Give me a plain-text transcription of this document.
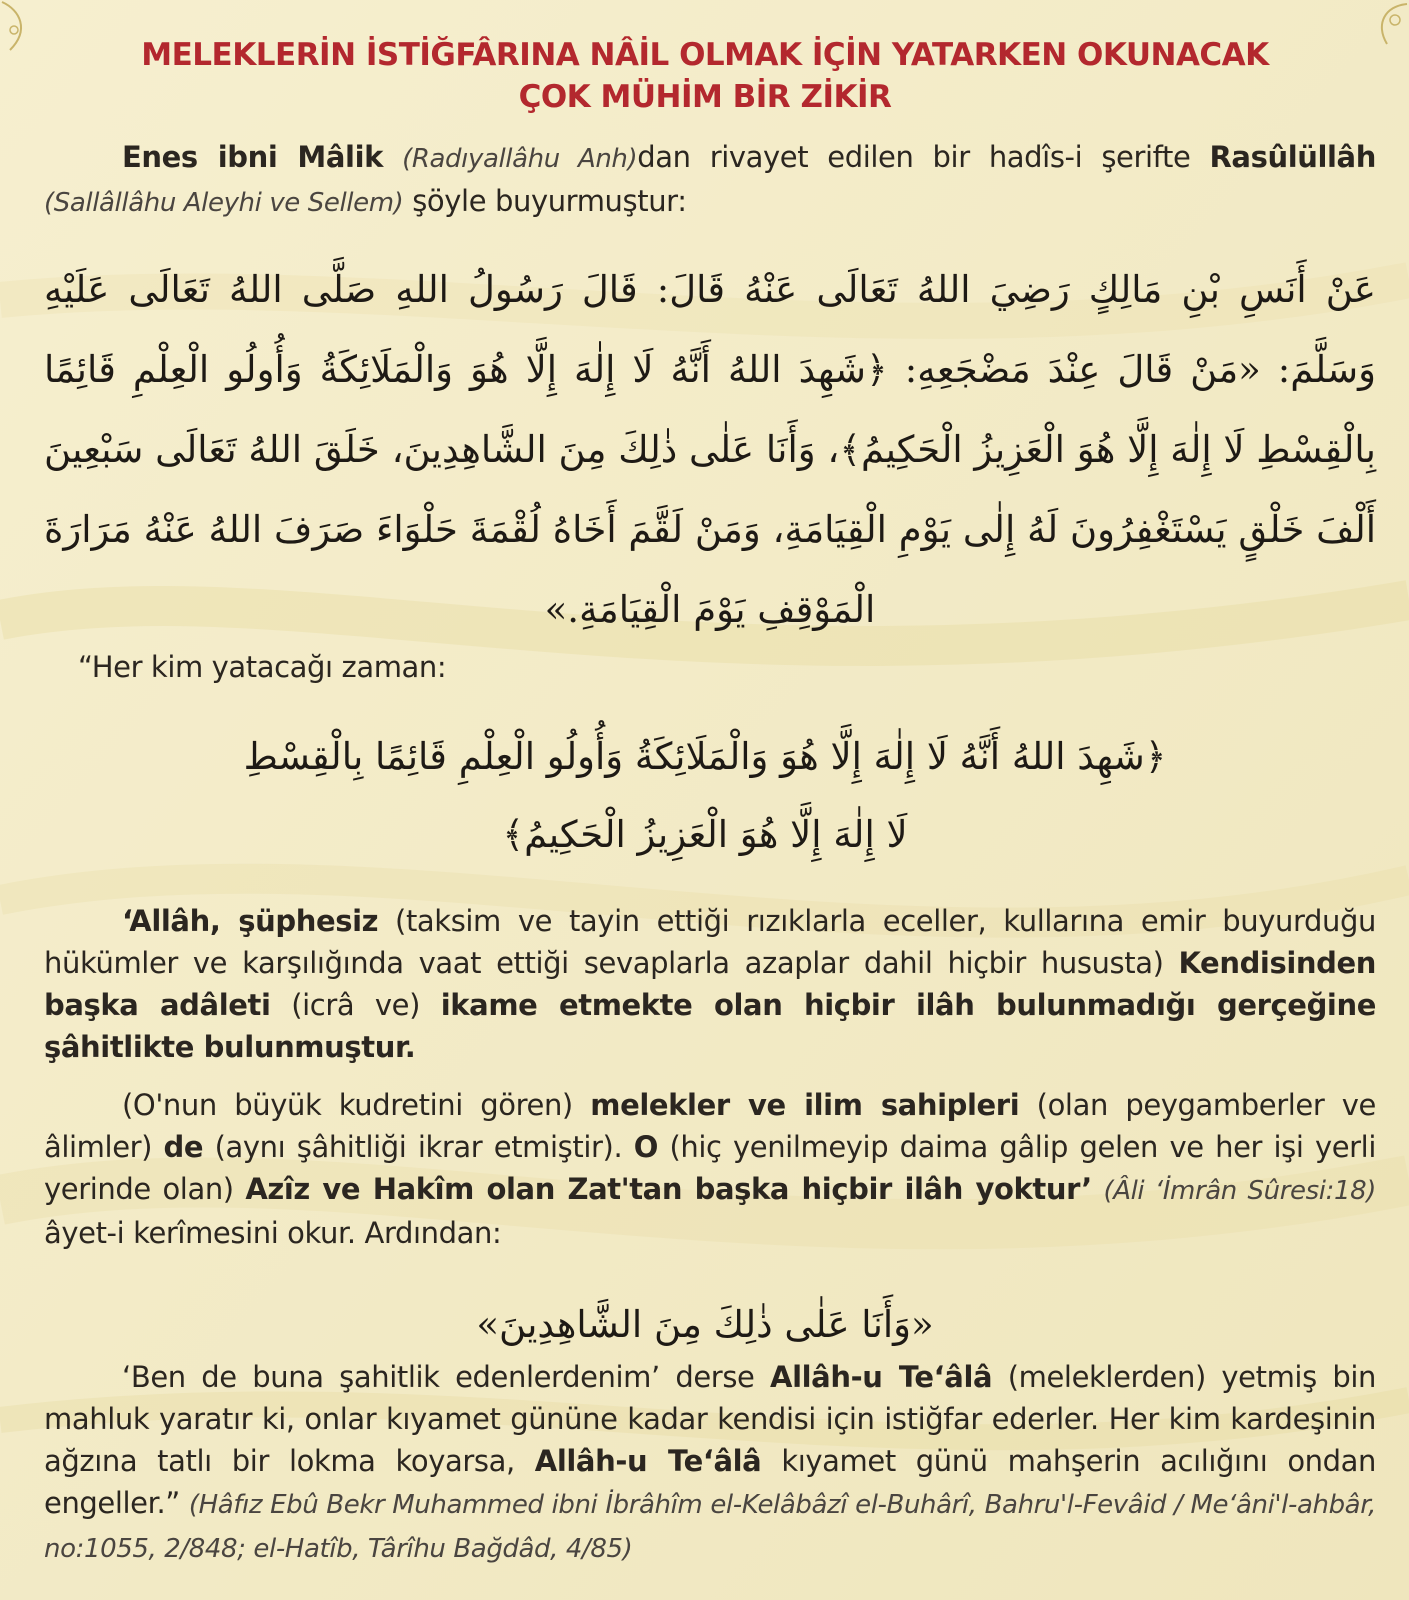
MELEKLERİN İSTİĞFÂRINA NÂİL OLMAK İÇİN YATARKEN OKUNACAK
ÇOK MÜHİM BİR ZİKİR
Enes ibni Mâlik (Radıyallâhu Anh)dan rivayet edilen bir hadîs-i şerifte Rasûlüllâh (Sallâllâhu Aleyhi ve Sellem) şöyle buyurmuştur:
عَنْ أَنَسِ بْنِ مَالِكٍ رَضِيَ اللهُ تَعَالَى عَنْهُ قَالَ: قَالَ رَسُولُ اللهِ صَلَّى اللهُ تَعَالَى عَلَيْهِ وَسَلَّمَ: «مَنْ قَالَ عِنْدَ مَضْجَعِهِ: ﴿شَهِدَ اللهُ أَنَّهُ لَا إِلٰهَ إِلَّا هُوَ وَالْمَلَائِكَةُ وَأُولُو الْعِلْمِ قَائِمًا بِالْقِسْطِ لَا إِلٰهَ إِلَّا هُوَ الْعَزِيزُ الْحَكِيمُ﴾، وَأَنَا عَلٰى ذٰلِكَ مِنَ الشَّاهِدِينَ، خَلَقَ اللهُ تَعَالَى سَبْعِينَ أَلْفَ خَلْقٍ يَسْتَغْفِرُونَ لَهُ إِلٰى يَوْمِ الْقِيَامَةِ، وَمَنْ لَقَّمَ أَخَاهُ لُقْمَةَ حَلْوَاءَ صَرَفَ اللهُ عَنْهُ مَرَارَةَ الْمَوْقِفِ يَوْمَ الْقِيَامَةِ.»
“Her kim yatacağı zaman:
﴿شَهِدَ اللهُ أَنَّهُ لَا إِلٰهَ إِلَّا هُوَ وَالْمَلَائِكَةُ وَأُولُو الْعِلْمِ قَائِمًا بِالْقِسْطِ
لَا إِلٰهَ إِلَّا هُوَ الْعَزِيزُ الْحَكِيمُ﴾
‘Allâh, şüphesiz (taksim ve tayin ettiği rızıklarla eceller, kullarına emir buyurduğu hükümler ve karşılığında vaat ettiği sevaplarla azaplar dahil hiçbir hususta) Kendisinden başka adâleti (icrâ ve) ikame etmekte olan hiçbir ilâh bulunmadığı gerçeğine şâhitlikte bulunmuştur.
(O'nun büyük kudretini gören) melekler ve ilim sahipleri (olan peygamberler ve âlimler) de (aynı şâhitliği ikrar etmiştir). O (hiç yenilmeyip daima gâlip gelen ve her işi yerli yerinde olan) Azîz ve Hakîm olan Zat'tan başka hiçbir ilâh yoktur’ (Âli ‘İmrân Sûresi:18) âyet-i kerîmesini okur. Ardından:
«وَأَنَا عَلٰى ذٰلِكَ مِنَ الشَّاهِدِينَ»
‘Ben de buna şahitlik edenlerdenim’ derse Allâh-u Te‘âlâ (meleklerden) yetmiş bin mahluk yaratır ki, onlar kıyamet gününe kadar kendisi için istiğfar ederler. Her kim kardeşinin ağzına tatlı bir lokma koyarsa, Allâh-u Te‘âlâ kıyamet günü mahşerin acılığını ondan engeller.” (Hâfız Ebû Bekr Muhammed ibni İbrâhîm el-Kelâbâzî el-Buhârî, Bahru'l-Fevâid / Me‘âni'l-ahbâr, no:1055, 2/848; el-Hatîb, Târîhu Bağdâd, 4/85)
